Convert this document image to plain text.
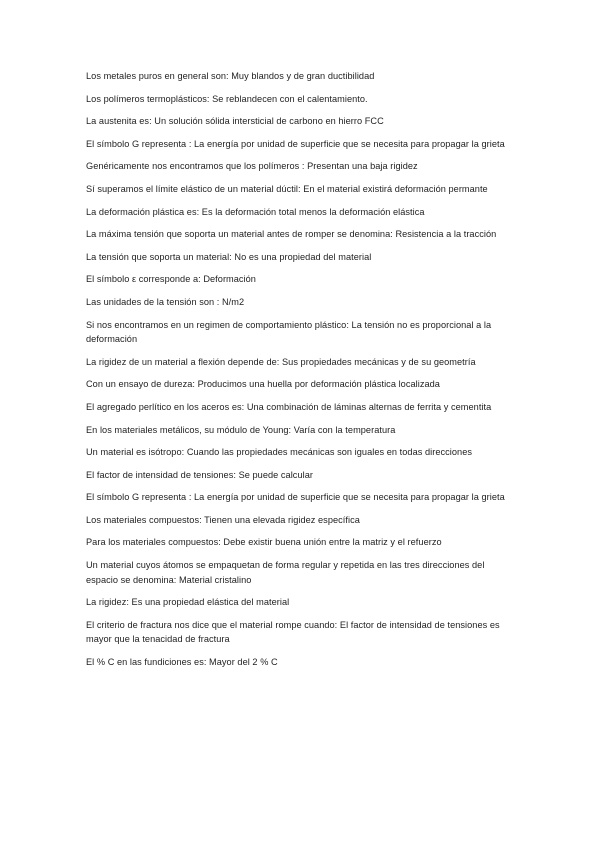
Los metales puros en general son: Muy blandos y de gran ductibilidad

Los polímeros termoplásticos: Se reblandecen con el calentamiento.

La austenita es: Un solución sólida intersticial de carbono en hierro FCC

El símbolo G representa : La energía por unidad de superficie que se necesita para propagar la grieta

Genéricamente nos encontramos que los polímeros : Presentan una baja rigidez

Sí superamos el límite elástico de un material dúctil: En el material existirá deformación permante

La deformación plástica es: Es la deformación total menos la deformación elástica

La máxima tensión que soporta un material antes de romper se denomina: Resistencia a la tracción

La tensión que soporta un material: No es una propiedad del material

El símbolo ε corresponde a: Deformación

Las unidades de la tensión son : N/m2

Si nos encontramos en un regimen de comportamiento plástico: La tensión no es proporcional a la deformación

La rigidez de un material a flexión depende de: Sus propiedades mecánicas y de su geometría

Con un ensayo de dureza: Producimos una huella por deformación plástica localizada

El agregado perlítico en los aceros es: Una combinación de láminas alternas de ferrita y cementita

En los materiales metálicos, su módulo de Young: Varía con la temperatura

Un material es isótropo: Cuando las propiedades mecánicas son iguales en todas direcciones

El factor de intensidad de tensiones: Se puede calcular

El símbolo G representa : La energía por unidad de superficie que se necesita para propagar la grieta

Los materiales compuestos: Tienen una elevada rigidez específica

Para los materiales compuestos: Debe existir buena unión entre la matriz y el refuerzo

Un material cuyos átomos se empaquetan de forma regular y repetida en las tres direcciones del espacio se denomina: Material cristalino

La rigidez: Es una propiedad elástica del material

El criterio de fractura nos dice que el material rompe cuando: El factor de intensidad de tensiones es mayor que la tenacidad de fractura

El % C en las fundiciones es: Mayor del 2 % C
